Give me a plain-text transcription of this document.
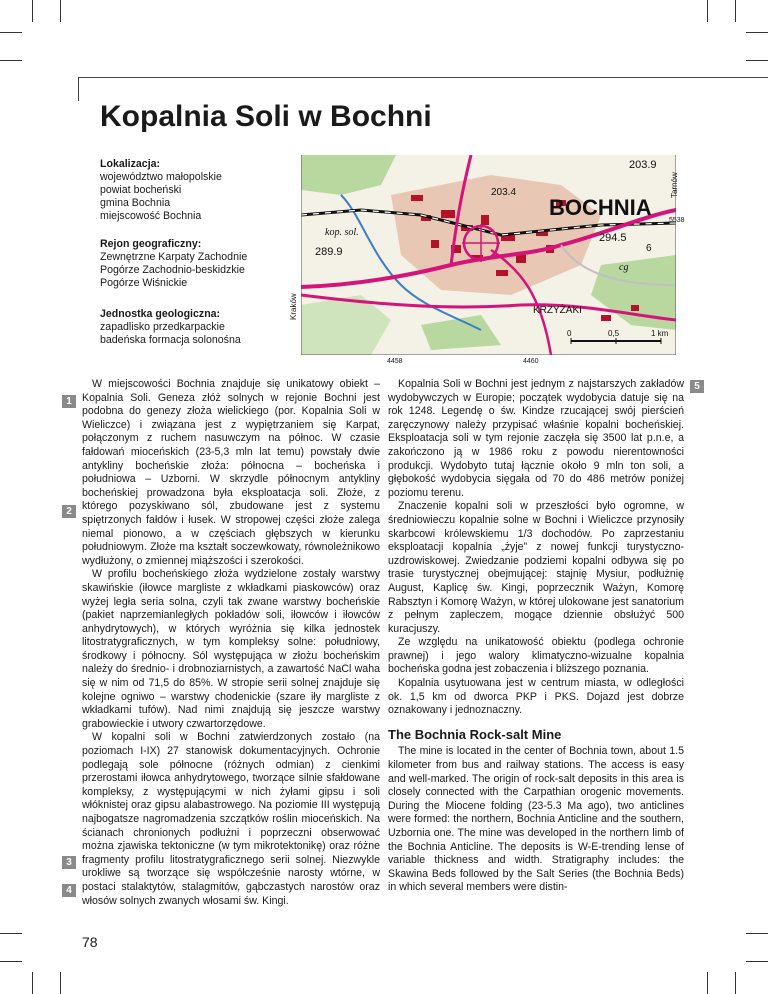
Kopalnia Soli w Bochni
Lokalizacja:
województwo małopolskie
powiat bocheński
gmina Bochnia
miejscowość Bochnia
Rejon geograficzny:
Zewnętrzne Karpaty Zachodnie
Pogórze Zachodnio-beskidzkie
Pogórze Wiśnickie
Jednostka geologiczna:
zapadlisko przedkarpackie
badeńska formacja solonośna
BOCHNIA
203.9
203.4
289.9
294.5
kop. sol.
KRZYŻAKI
cg
6
0	0,5	1 km
Tarnów
Kraków
5538
4458	4460
1
2
3
4
5

W miejscowości Bochnia znajduje się unikatowy obiekt – Kopalnia Soli. Geneza złóż solnych w rejonie Bochni jest podobna do genezy złoża wielickiego (por. Kopalnia Soli w Wieliczce) i związana jest z wypiętrzaniem się Karpat, połączonym z ruchem nasuwczym na północ. W czasie fałdowań mioceńskich (23-5,3 mln lat temu) powstały dwie antykliny bocheńskie złoża: północna – bocheńska i południowa – Uzborni. W skrzydle północnym antykliny bocheńskiej prowadzona była eksploatacja soli. Złoże, z którego pozyskiwano sól, zbudowane jest z systemu spiętrzonych fałdów i łusek. W stropowej części złoże zalega niemal pionowo, a w częściach głębszych w kierunku południowym. Złoże ma kształt soczewkowaty, równoleżnikowo wydłużony, o zmiennej miąższości i szerokości.

W profilu bocheńskiego złoża wydzielone zostały warstwy skawińskie (iłowce margliste z wkładkami piaskowców) oraz wyżej legła seria solna, czyli tak zwane warstwy bocheńskie (pakiet naprzemianległych pokładów soli, iłowców i iłowców anhydrytowych), w których wyróżnia się kilka jednostek litostratygraficznych, w tym kompleksy solne: południowy, środkowy i północny. Sól występująca w złożu bocheńskim należy do średnio- i drobnoziarnistych, a zawartość NaCl waha się w nim od 71,5 do 85%. W stropie serii solnej znajduje się kolejne ogniwo – warstwy chodenickie (szare iły margliste z wkładkami tufów). Nad nimi znajdują się jeszcze warstwy grabowieckie i utwory czwartorzędowe.

W kopalni soli w Bochni zatwierdzonych zostało (na poziomach I-IX) 27 stanowisk dokumentacyjnych. Ochronie podlegają sole północne (różnych odmian) z cienkimi przerostami iłowca anhydrytowego, tworzące silnie sfałdowane kompleksy, z występującymi w nich żyłami gipsu i soli włóknistej oraz gipsu alabastrowego. Na poziomie III występują najbogatsze nagromadzenia szczątków roślin mioceńskich. Na ścianach chronionych podłużni i poprzeczni obserwować można zjawiska tektoniczne (w tym mikrotektonikę) oraz różne fragmenty profilu litostratygraficznego serii solnej. Niezwykle urokliwe są tworzące się współcześnie narosty wtórne, w postaci stalaktytów, stalagmitów, gąbczastych narostów oraz włosów solnych zwanych włosami św. Kingi.

Kopalnia Soli w Bochni jest jednym z najstarszych zakładów wydobywczych w Europie; początek wydobycia datuje się na rok 1248. Legendę o św. Kindze rzucającej swój pierścień zaręczynowy należy przypisać właśnie kopalni bocheńskiej. Eksploatacja soli w tym rejonie zaczęła się 3500 lat p.n.e, a zakończono ją w 1986 roku z powodu nierentowności produkcji. Wydobyto tutaj łącznie około 9 mln ton soli, a głębokość wydobycia sięgała od 70 do 486 metrów poniżej poziomu terenu.

Znaczenie kopalni soli w przeszłości było ogromne, w średniowieczu kopalnie solne w Bochni i Wieliczce przynosiły skarbcowi królewskiemu 1/3 dochodów. Po zaprzestaniu eksploatacji kopalnia „żyje” z nowej funkcji turystyczno-uzdrowiskowej. Zwiedzanie podziemi kopalni odbywa się po trasie turystycznej obejmującej: stajnię Mysiur, podłużnię August, Kaplicę św. Kingi, poprzecznik Ważyn, Komorę Rabsztyn i Komorę Ważyn, w której ulokowane jest sanatorium z pełnym zapleczem, mogące dziennie obsłużyć 500 kuracjuszy.

Ze względu na unikatowość obiektu (podlega ochronie prawnej) i jego walory klimatyczno-wizualne kopalnia bocheńska godna jest zobaczenia i bliższego poznania.

Kopalnia usytuowana jest w centrum miasta, w odległości ok. 1,5 km od dworca PKP i PKS. Dojazd jest dobrze oznakowany i jednoznaczny.

The Bochnia Rock-salt Mine

The mine is located in the center of Bochnia town, about 1.5 kilometer from bus and railway stations. The access is easy and well-marked. The origin of rock-salt deposits in this area is closely connected with the Carpathian orogenic movements. During the Miocene folding (23-5.3 Ma ago), two anticlines were formed: the northern, Bochnia Anticline and the southern, Uzbornia one. The mine was developed in the northern limb of the Bochnia Anticline. The deposits is W-E-trending lense of variable thickness and width. Stratigraphy includes: the Skawina Beds followed by the Salt Series (the Bochnia Beds) in which several members were distin-

78
